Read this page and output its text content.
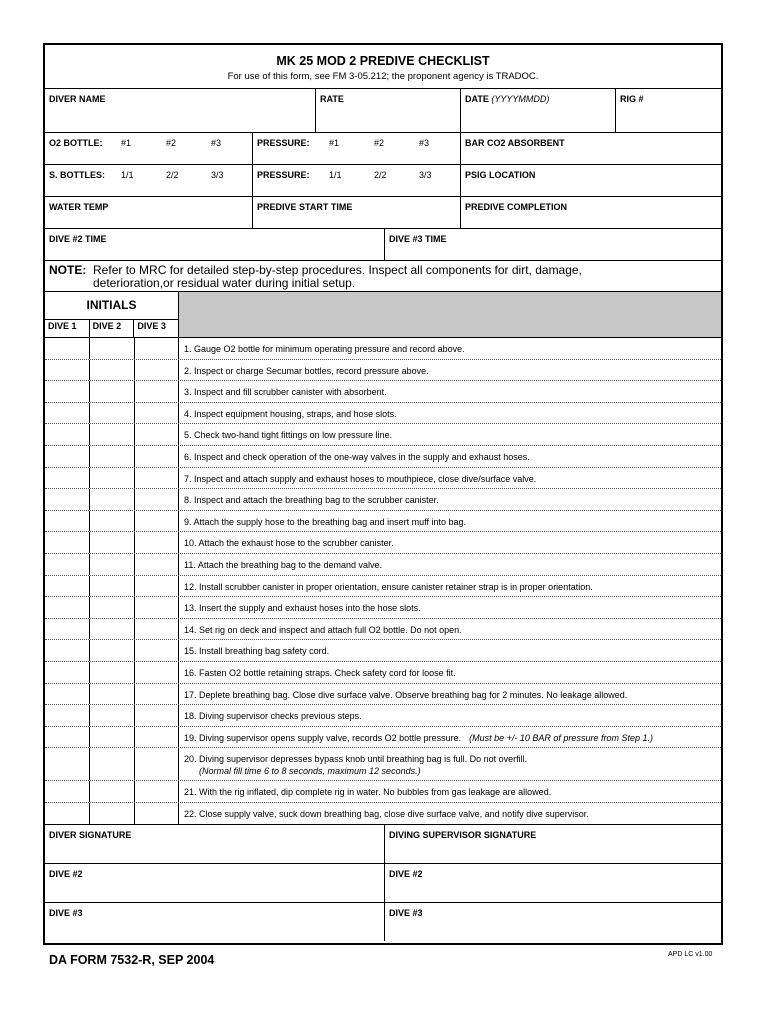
MK 25 MOD 2 PREDIVE CHECKLIST
For use of this form, see FM 3-05.212; the proponent agency is TRADOC.
DIVER NAME	RATE	DATE (YYYYMMDD)	RIG #
O2 BOTTLE:	#1	#2	#3	PRESSURE:	#1	#2	#3	BAR CO2 ABSORBENT
S. BOTTLES:	1/1	2/2	3/3	PRESSURE:	1/1	2/2	3/3	PSIG LOCATION
WATER TEMP	PREDIVE START TIME	PREDIVE COMPLETION
DIVE #2 TIME	DIVE #3 TIME
NOTE: Refer to MRC for detailed step-by-step procedures. Inspect all components for dirt, damage,
deterioration,or residual water during initial setup.
INITIALS
DIVE 1	DIVE 2	DIVE 3
1. Gauge O2 bottle for minimum operating pressure and record above.
2. Inspect or charge Secumar bottles, record pressure above.
3. Inspect and fill scrubber canister with absorbent.
4. Inspect equipment housing, straps, and hose slots.
5. Check two-hand tight fittings on low pressure line.
6. Inspect and check operation of the one-way valves in the supply and exhaust hoses.
7. Inspect and attach supply and exhaust hoses to mouthpiece, close dive/surface valve.
8. Inspect and attach the breathing bag to the scrubber canister.
9. Attach the supply hose to the breathing bag and insert muff into bag.
10. Attach the exhaust hose to the scrubber canister.
11. Attach the breathing bag to the demand valve.
12. Install scrubber canister in proper orientation, ensure canister retainer strap is in proper orientation.
13. Insert the supply and exhaust hoses into the hose slots.
14. Set rig on deck and inspect and attach full O2 bottle. Do not open.
15. Install breathing bag safety cord.
16. Fasten O2 bottle retaining straps. Check safety cord for loose fit.
17. Deplete breathing bag. Close dive surface valve. Observe breathing bag for 2 minutes. No leakage allowed.
18. Diving supervisor checks previous steps.
19. Diving supervisor opens supply valve, records O2 bottle pressure. (Must be +/- 10 BAR of pressure from Step 1.)
20. Diving supervisor depresses bypass knob until breathing bag is full. Do not overfill.
(Normal fill time 6 to 8 seconds, maximum 12 seconds.)
21. With the rig inflated, dip complete rig in water. No bubbles from gas leakage are allowed.
22. Close supply valve, suck down breathing bag, close dive surface valve, and notify dive supervisor.
DIVER SIGNATURE	DIVING SUPERVISOR SIGNATURE
DIVE #2	DIVE #2
DIVE #3	DIVE #3
DA FORM 7532-R, SEP 2004	APD LC v1.00
